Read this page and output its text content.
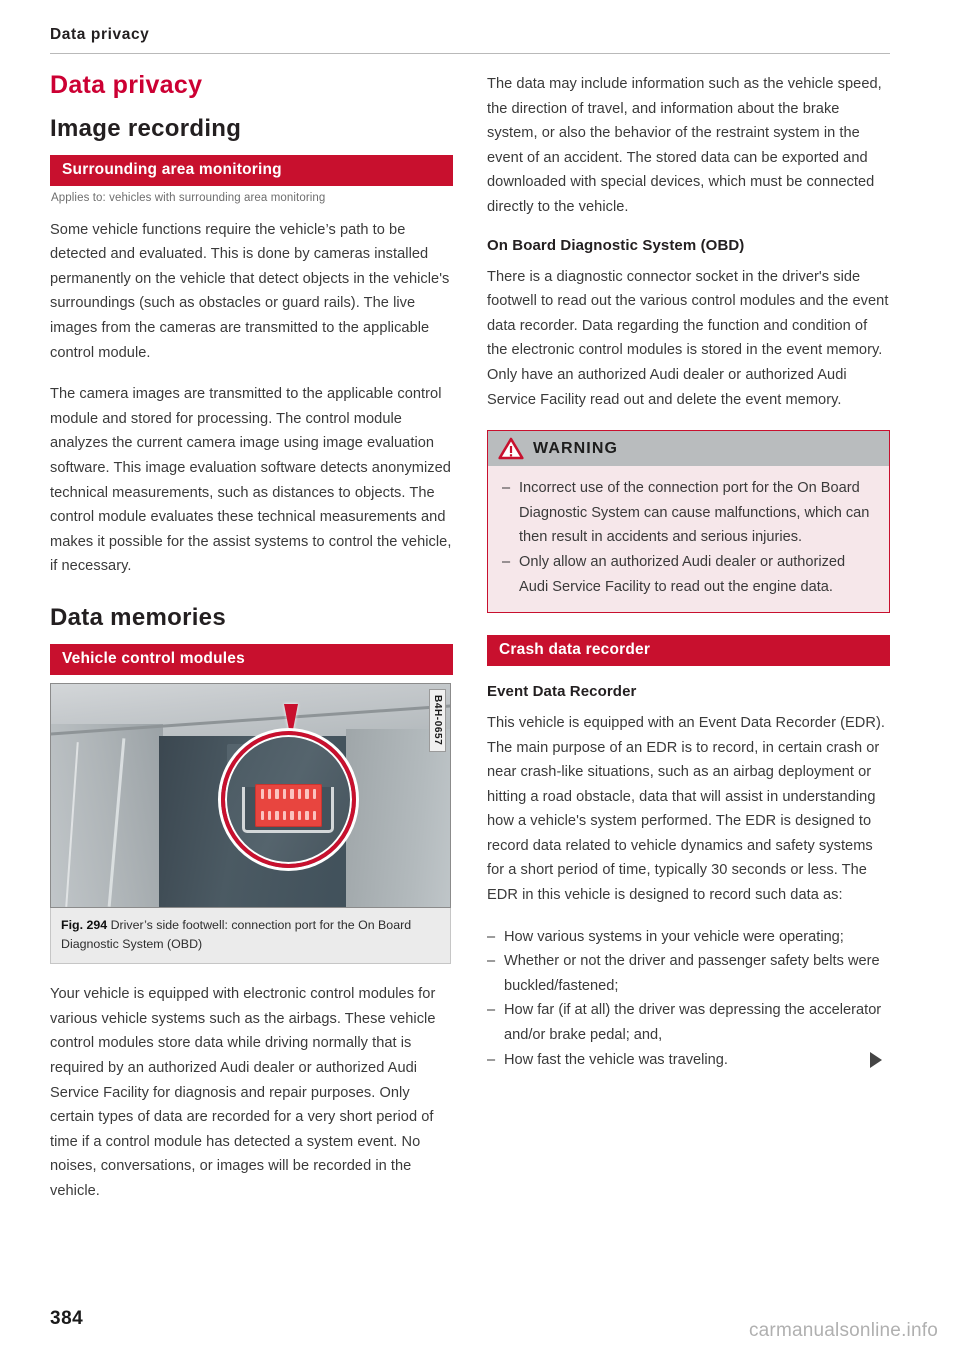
Data privacy
Data privacy
Image recording
Surrounding area monitoring
Applies to: vehicles with surrounding area monitoring

Some vehicle functions require the vehicle’s path to be detected and evaluated. This is done by cameras installed permanently on the vehicle that detect objects in the vehicle's surroundings (such as obstacles or guard rails). The live images from the cameras are transmitted to the applicable control module.

The camera images are transmitted to the applicable control module and stored for processing. The control module analyzes the current camera image using image evaluation software. This image evaluation software detects anonymized technical measurements, such as distances to objects. The control module evaluates these technical measurements and makes it possible for the assist systems to control the vehicle, if necessary.

Data memories
Vehicle control modules
B4H-0657
Fig. 294 Driver’s side footwell: connection port for the On Board Diagnostic System (OBD)

Your vehicle is equipped with electronic control modules for various vehicle systems such as the airbags. These vehicle control modules store data while driving normally that is required by an authorized Audi dealer or authorized Audi Service Facility for diagnosis and repair purposes. Only certain types of data are recorded for a very short period of time if a control module has detected a system event. No noises, conversations, or images will be recorded in the vehicle.

The data may include information such as the vehicle speed, the direction of travel, and information about the brake system, or also the behavior of the restraint system in the event of an accident. The stored data can be exported and downloaded with special devices, which must be connected directly to the vehicle.

On Board Diagnostic System (OBD)

There is a diagnostic connector socket in the driver's side footwell to read out the various control modules and the event data recorder. Data regarding the function and condition of the electronic control modules is stored in the event memory. Only have an authorized Audi dealer or authorized Audi Service Facility read out and delete the event memory.

WARNING
– Incorrect use of the connection port for the On Board Diagnostic System can cause malfunctions, which can then result in accidents and serious injuries.
– Only allow an authorized Audi dealer or authorized Audi Service Facility to read out the engine data.
Crash data recorder
Event Data Recorder

This vehicle is equipped with an Event Data Recorder (EDR). The main purpose of an EDR is to record, in certain crash or near crash-like situations, such as an airbag deployment or hitting a road obstacle, data that will assist in understanding how a vehicle's system performed. The EDR is designed to record data related to vehicle dynamics and safety systems for a short period of time, typically 30 seconds or less. The EDR in this vehicle is designed to record such data as:

– How various systems in your vehicle were operating;
– Whether or not the driver and passenger safety belts were buckled/fastened;
– How far (if at all) the driver was depressing the accelerator and/or brake pedal; and,
– How fast the vehicle was traveling.
384
carmanualsonline.info
